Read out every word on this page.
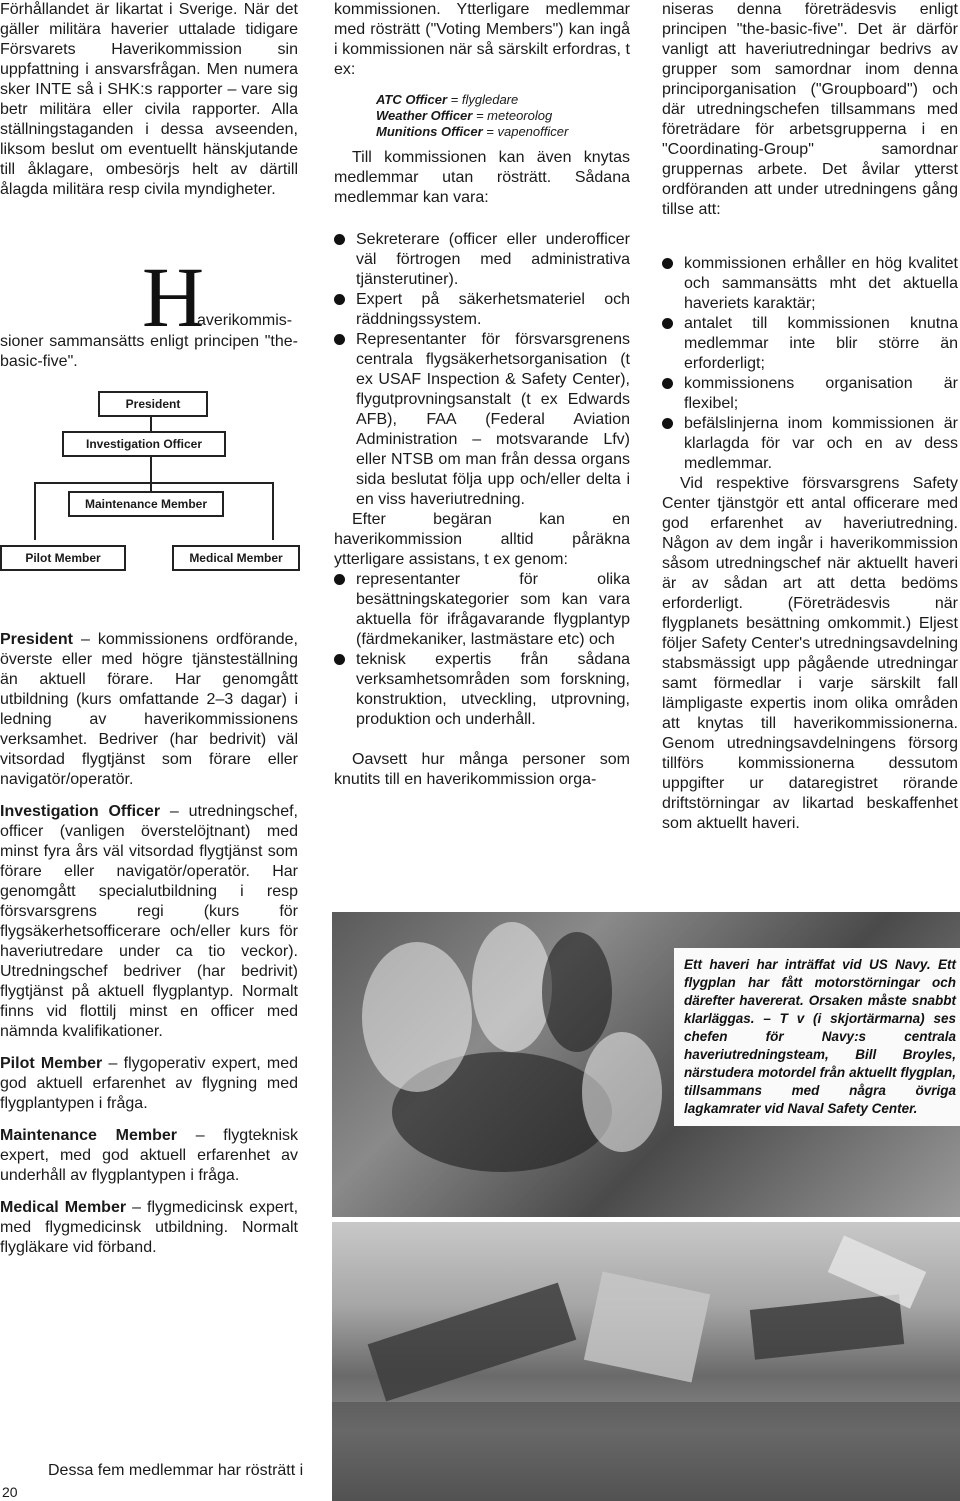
Förhållandet är likartat i Sverige. När det gäller militära haverier uttalade tidigare Försvarets Haverikommission sin uppfattning i ansvarsfrågan. Men numera sker INTE så i SHK:s rapporter – vare sig betr militära eller civila rapporter. Alla ställningstaganden i dessa avseenden, liksom beslut om eventuellt hänskjutande till åklagare, ombesörjs helt av därtill ålagda militära resp civila myndigheter.

H
averikommis-
sioner sammansätts enligt principen "the-basic-five".
President
Investigation Officer
Maintenance Member
Pilot Member	Medical Member
President – kommissionens ordförande, överste eller med högre tjänsteställning än aktuell förare. Har genomgått utbildning (kurs omfattande 2–3 dagar) i ledning av haverikommissionens verksamhet. Bedriver (har bedrivit) väl vitsordad flygtjänst som förare eller navigatör/operatör.
Investigation Officer – utredningschef, officer (vanligen överstelöjtnant) med minst fyra års väl vitsordad flygtjänst som förare eller navigatör/operatör. Har genomgått specialutbildning i resp försvarsgrens regi (kurs för flygsäkerhetsofficerare och/eller kurs för haveriutredare under ca tio veckor). Utredningschef bedriver (har bedrivit) flygtjänst på aktuell flygplantyp. Normalt finns vid flottilj minst en officer med nämnda kvalifikationer.
Pilot Member – flygoperativ expert, med god aktuell erfarenhet av flygning med flygplantypen i fråga.
Maintenance Member – flygteknisk expert, med god aktuell erfarenhet av underhåll av flygplantypen i fråga.
Medical Member – flygmedicinsk expert, med flygmedicinsk utbildning. Normalt flygläkare vid förband.
Dessa fem medlemmar har rösträtt i
20

kommissionen. Ytterligare medlemmar med rösträtt ("Voting Members") kan ingå i kommissionen när så särskilt erfordras, t ex:

ATC Officer = flygledare
Weather Officer = meteorolog
Munitions Officer = vapenofficer

Till kommissionen kan även knytas medlemmar utan rösträtt. Sådana medlemmar kan vara:

Sekreterare (officer eller underofficer väl förtrogen med administrativa tjänsterutiner).
Expert på säkerhetsmateriel och räddningssystem.
Representanter för försvarsgrenens centrala flygsäkerhetsorganisation (t ex USAF Inspection & Safety Center), flygutprovningsanstalt (t ex Edwards AFB), FAA (Federal Aviation Administration – motsvarande Lfv) eller NTSB om man från dessa organs sida beslutat följa upp och/eller delta i en viss haveriutredning.

Efter begäran kan en haverikommission alltid påräkna ytterligare assistans, t ex genom:

representanter för olika besättningskategorier som kan vara aktuella för ifrågavarande flygplantyp (färdmekaniker, lastmästare etc) och
teknisk expertis från sådana verksamhetsområden som forskning, konstruktion, utveckling, utprovning, produktion och underhåll.

Oavsett hur många personer som knutits till en haverikommission orga-

niseras denna företrädesvis enligt principen "the-basic-five". Det är därför vanligt att haveriutredningar bedrivs av grupper som samordnar inom denna principorganisation ("Groupboard") och där utredningschefen tillsammans med företrädare för arbetsgrupperna i en "Coordinating-Group" samordnar gruppernas arbete. Det åvilar ytterst ordföranden att under utredningens gång tillse att:

kommissionen erhåller en hög kvalitet och sammansätts mht det aktuella haveriets karaktär;
antalet till kommissionen knutna medlemmar inte blir större än erforderligt;
kommissionens organisation är flexibel;
befälslinjerna inom kommissionen är klarlagda för var och en av dess medlemmar.

Vid respektive försvarsgrens Safety Center tjänstgör ett antal officerare med god erfarenhet av haveriutredning. Någon av dem ingår i haverikommission såsom utredningschef när aktuellt haveri är av sådan art att detta bedöms erforderligt. (Företrädesvis när flygplanets besättning omkommit.) Eljest följer Safety Center's utredningsavdelning stabsmässigt upp pågående utredningar samt förmedlar i varje särskilt fall lämpligaste expertis inom olika områden att knytas till haverikommissionerna. Genom utredningsavdelningens försorg tillförs kommissionerna dessutom uppgifter ur dataregistret rörande driftstörningar av likartad beskaffenhet som aktuellt haveri.

Ett haveri har inträffat vid US Navy. Ett flygplan har fått motorstörningar och därefter havererat. Orsaken måste snabbt klarläggas. – T v (i skjortärmarna) ses chefen för Navy:s centrala haveriutredningsteam, Bill Broyles, närstudera motordel från aktuellt flygplan, tillsammans med några övriga lagkamrater vid Naval Safety Center.
